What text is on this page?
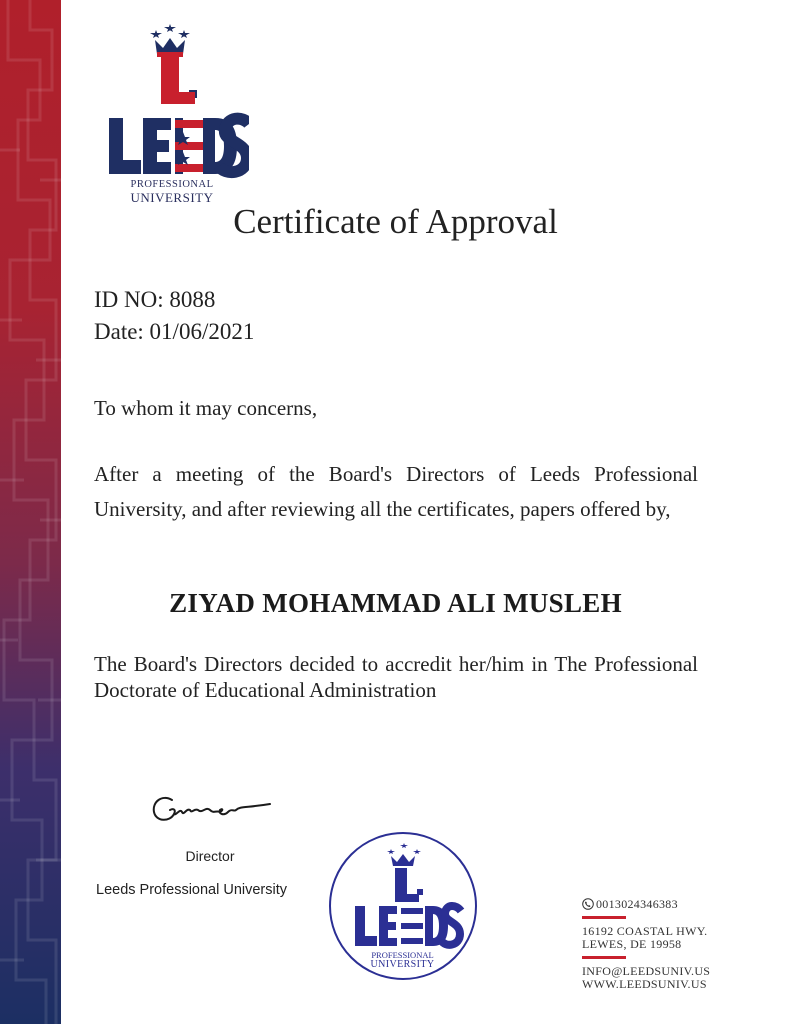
PROFESSIONAL
UNIVERSITY
Certificate of Approval
ID NO: 8088
Date: 01/06/2021
To whom it may concerns,
After a meeting of the Board's Directors of Leeds Professional University, and after reviewing all the certificates, papers offered by,
ZIYAD MOHAMMAD ALI MUSLEH
The Board's Directors decided to accredit her/him in The Professional Doctorate of Educational Administration
Director
Leeds Professional University
PROFESSIONAL
UNIVERSITY
0013024346383
16192 COASTAL HWY.
LEWES, DE 19958
INFO@LEEDSUNIV.US
WWW.LEEDSUNIV.US
